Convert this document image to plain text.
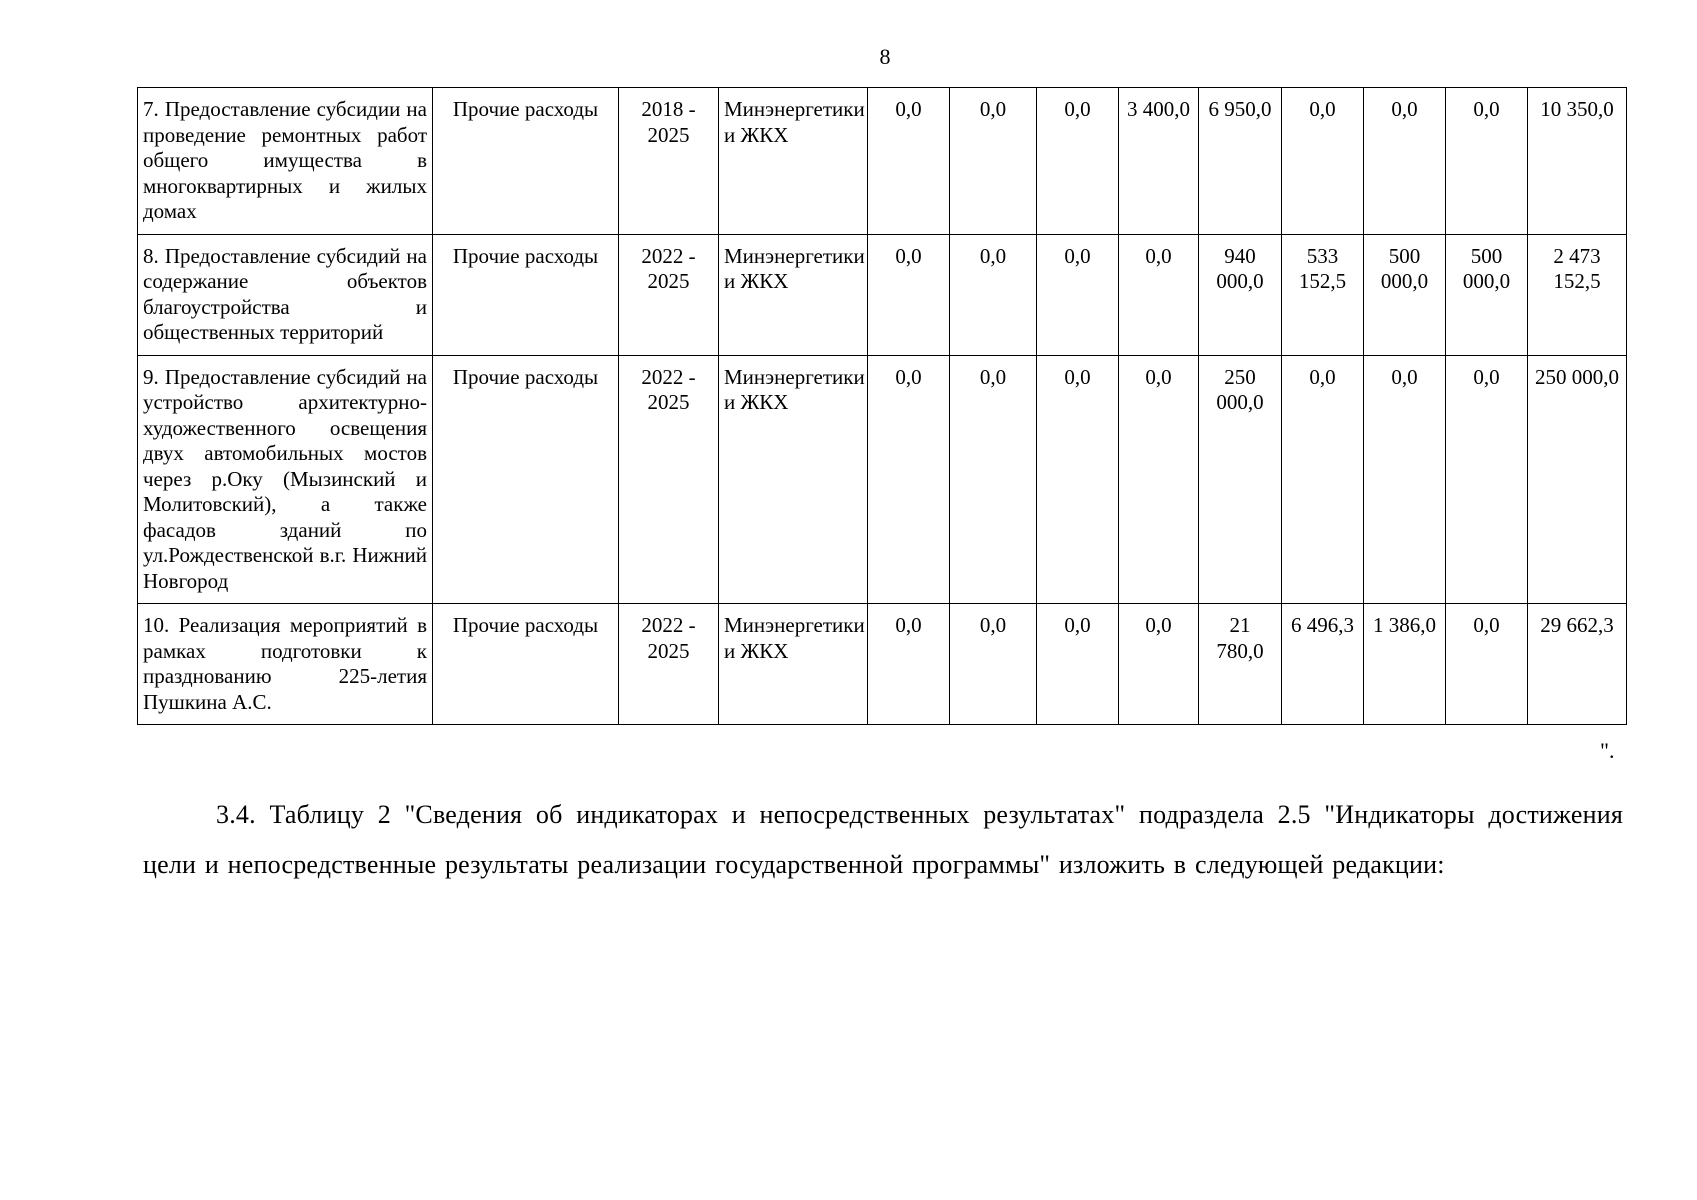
8
7. Предоставление субсидии на проведение ремонтных работ общего имущества в многоквартирных и жилых домах	Прочие расходы	2018 - 2025	Минэнергетики и ЖКХ	0,0	0,0	0,0	3 400,0	6 950,0	0,0	0,0	0,0	10 350,0
8. Предоставление субсидий на содержание объектов благоустройства и общественных территорий	Прочие расходы	2022 - 2025	Минэнергетики и ЖКХ	0,0	0,0	0,0	0,0	940 000,0	533 152,5	500 000,0	500 000,0	2 473 152,5
9. Предоставление субсидий на устройство архитектурно-художественного освещения двух автомобильных мостов через р.Оку (Мызинский и Молитовский), а также фасадов зданий по ул.Рождественской в.г. Нижний Новгород	Прочие расходы	2022 - 2025	Минэнергетики и ЖКХ	0,0	0,0	0,0	0,0	250 000,0	0,0	0,0	0,0	250 000,0
10. Реализация мероприятий в рамках подготовки к празднованию 225-летия Пушкина А.С.	Прочие расходы	2022 - 2025	Минэнергетики и ЖКХ	0,0	0,0	0,0	0,0	21 780,0	6 496,3	1 386,0	0,0	29 662,3
".

3.4. Таблицу 2 "Сведения об индикаторах и непосредственных результатах" подраздела 2.5 "Индикаторы достижения цели и непосредственные результаты реализации государственной программы" изложить в следующей редакции:
